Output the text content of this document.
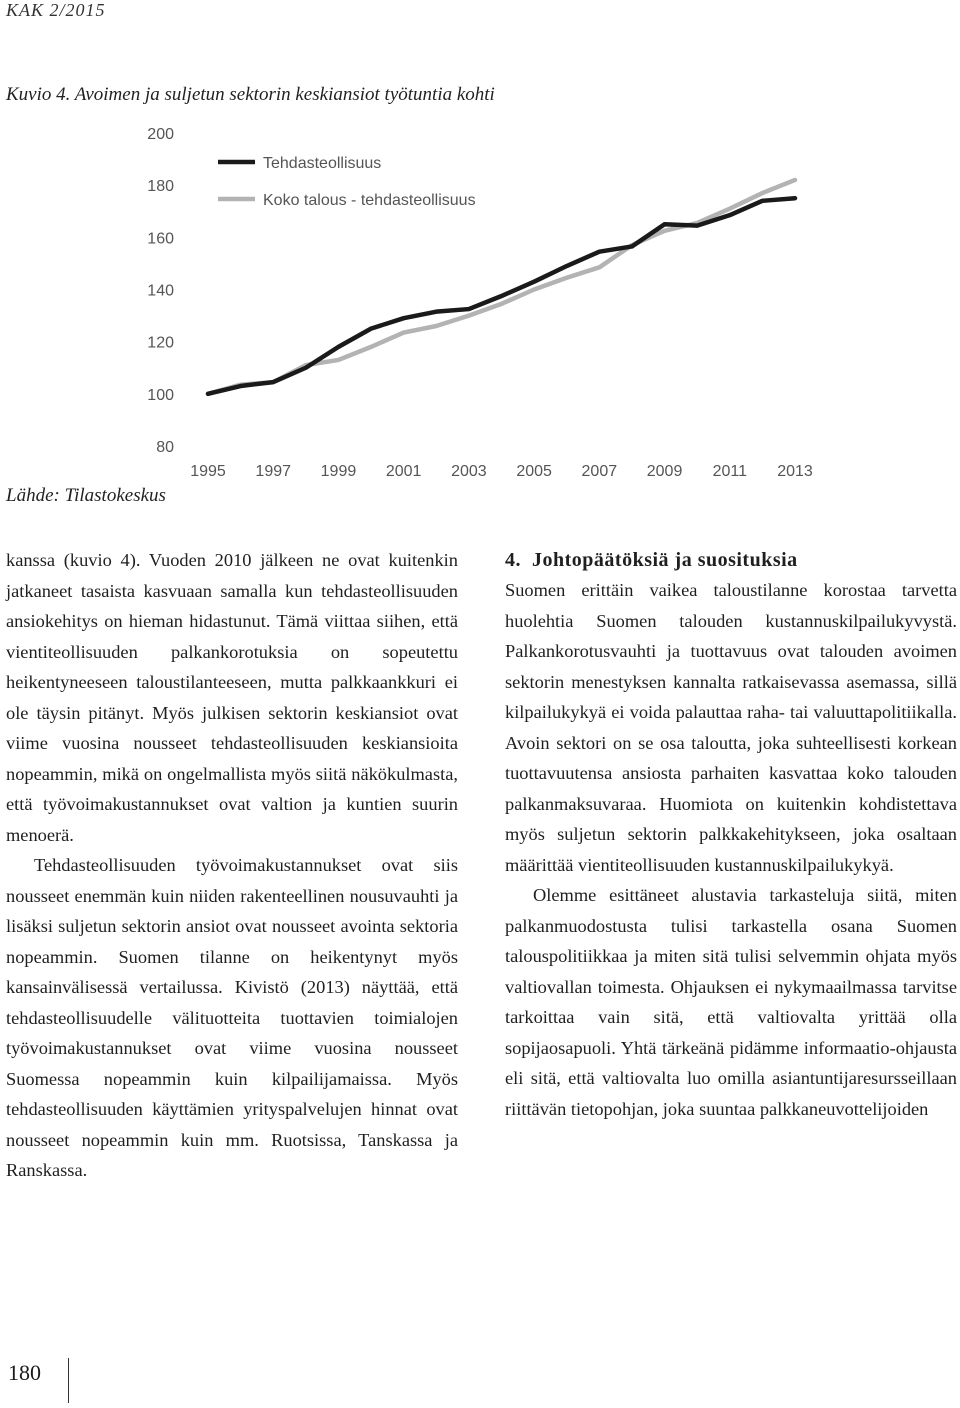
KAK 2/2015
Kuvio 4. Avoimen ja suljetun sektorin keskiansiot työtuntia kohti
80
100
120
140
160
180
200
1995 1997 1999 2001 2003 2005 2007 2009 2011 2013
Tehdasteollisuus
Koko talous - tehdasteollisuus
Lähde: Tilastokeskus

kanssa (kuvio 4). Vuoden 2010 jälkeen ne ovat kuitenkin jatkaneet tasaista kasvuaan samalla kun tehdasteollisuuden ansiokehitys on hieman hidastunut. Tämä viittaa siihen, että vientiteollisuuden palkankorotuksia on sopeutettu heikentyneeseen taloustilanteeseen, mutta palkkaankkuri ei ole täysin pitänyt. Myös julkisen sektorin keskiansiot ovat viime vuosina nousseet tehdasteollisuuden keskiansioita nopeammin, mikä on ongelmallista myös siitä näkökulmasta, että työvoimakustannukset ovat valtion ja kuntien suurin menoerä.

Tehdasteollisuuden työvoimakustannukset ovat siis nousseet enemmän kuin niiden rakenteellinen nousuvauhti ja lisäksi suljetun sektorin ansiot ovat nousseet avointa sektoria nopeammin. Suomen tilanne on heikentynyt myös kansainvälisessä vertailussa. Kivistö (2013) näyttää, että tehdasteollisuudelle välituotteita tuottavien toimialojen työvoimakustannukset ovat viime vuosina nousseet Suomessa nopeammin kuin kilpailijamaissa. Myös tehdasteollisuuden käyttämien yrityspalvelujen hinnat ovat nousseet nopeammin kuin mm. Ruotsissa, Tanskassa ja Ranskassa.

4.  Johtopäätöksiä ja suosituksia

Suomen erittäin vaikea taloustilanne korostaa tarvetta huolehtia Suomen talouden kustannuskilpailukyvystä. Palkankorotusvauhti ja tuottavuus ovat talouden avoimen sektorin menestyksen kannalta ratkaisevassa asemassa, sillä kilpailukykyä ei voida palauttaa raha- tai valuuttapolitiikalla. Avoin sektori on se osa taloutta, joka suhteellisesti korkean tuottavuutensa ansiosta parhaiten kasvattaa koko talouden palkanmaksuvaraa. Huomiota on kuitenkin kohdistettava myös suljetun sektorin palkkakehitykseen, joka osaltaan määrittää vientiteollisuuden kustannuskilpailukykyä.

Olemme esittäneet alustavia tarkasteluja siitä, miten palkanmuodostusta tulisi tarkastella osana Suomen talouspolitiikkaa ja miten sitä tulisi selvemmin ohjata myös valtiovallan toimesta. Ohjauksen ei nykymaailmassa tarvitse tarkoittaa vain sitä, että valtiovalta yrittää olla sopijaosapuoli. Yhtä tärkeänä pidämme informaatio-ohjausta eli sitä, että valtiovalta luo omilla asiantuntijaresursseillaan riittävän tietopohjan, joka suuntaa palkkaneuvottelijoiden

180
